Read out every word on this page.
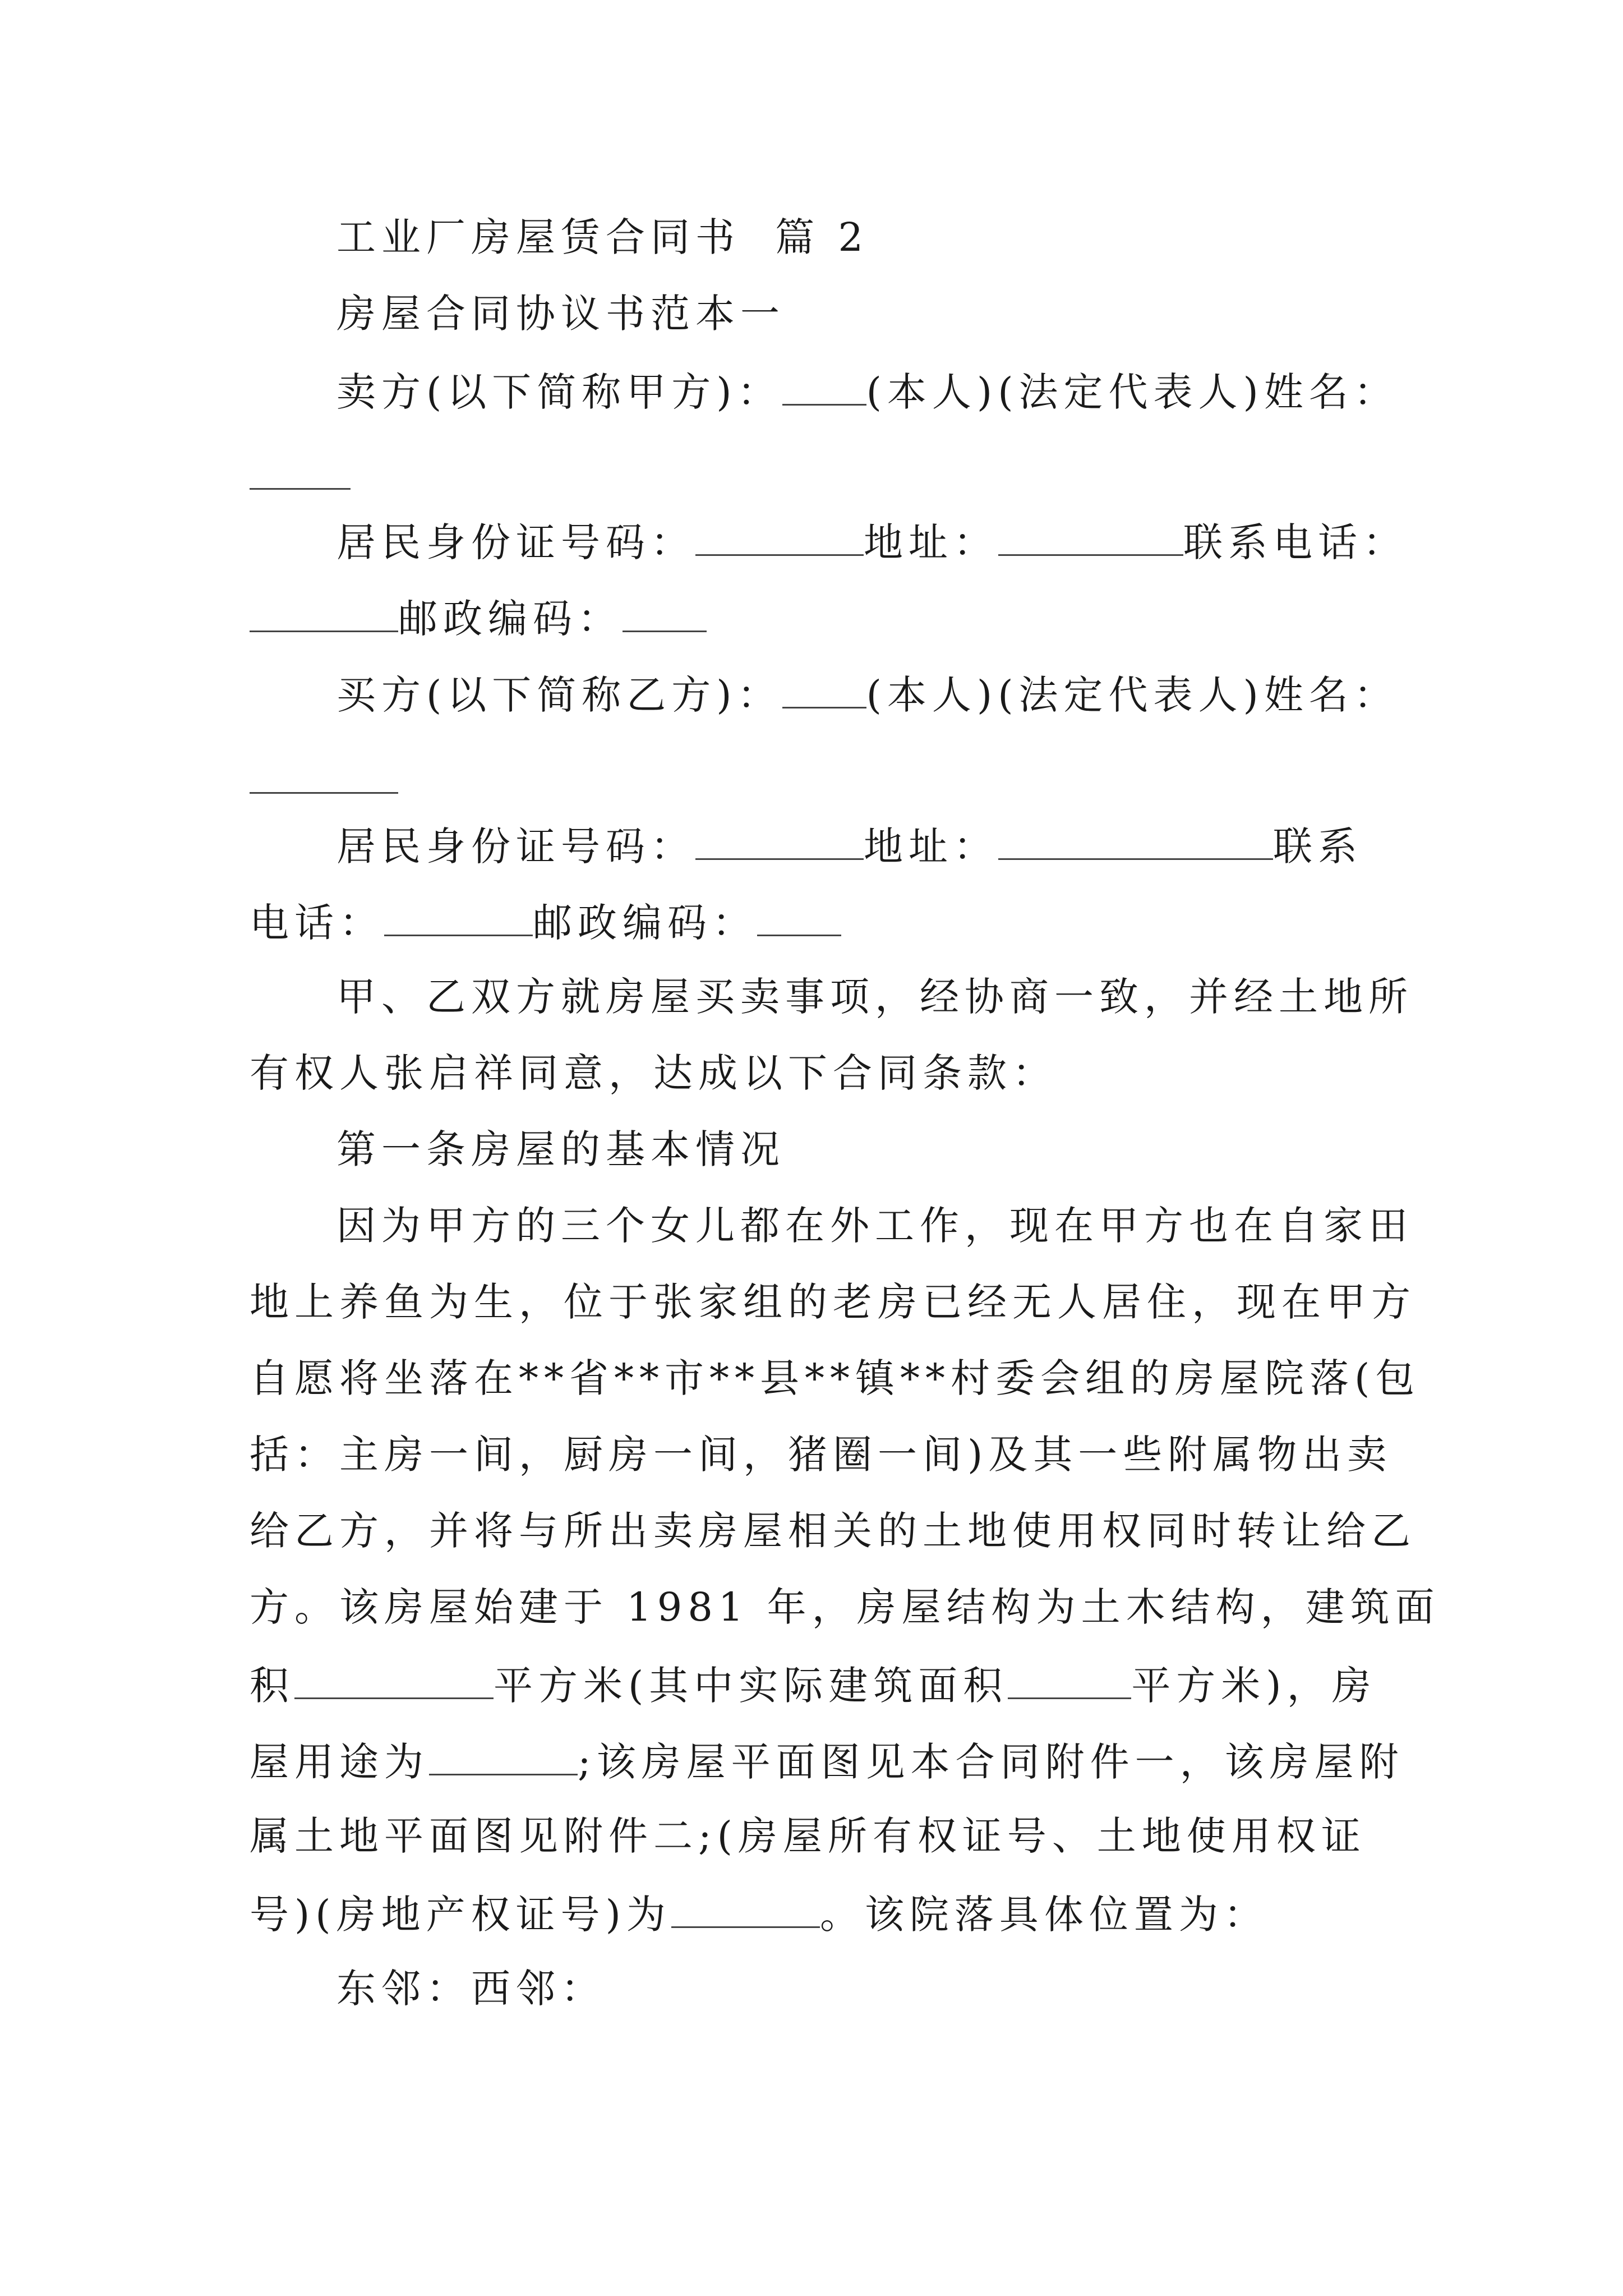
工业厂房屋赁合同书 篇 2
房屋合同协议书范本一
卖方(以下简称甲方)： (本人)(法定代表人)姓名：
居民身份证号码：	地址：	联系电话：
邮政编码：
买方(以下简称乙方)： (本人)(法定代表人)姓名：
居民身份证号码：	地址：	联系
电话：	邮政编码：
甲、乙双方就房屋买卖事项，经协商一致，并经土地所
有权人张启祥同意，达成以下合同条款：
第一条房屋的基本情况
因为甲方的三个女儿都在外工作，现在甲方也在自家田
地上养鱼为生，位于张家组的老房已经无人居住，现在甲方
自愿将坐落在**省**市**县**镇**村委会组的房屋院落(包
括：主房一间，厨房一间，猪圈一间)及其一些附属物出卖
给乙方，并将与所出卖房屋相关的土地使用权同时转让给乙
方。该房屋始建于 1981 年，房屋结构为土木结构，建筑面
积	平方米(其中实际建筑面积	平方米)，房
屋用途为	;该房屋平面图见本合同附件一，该房屋附
属土地平面图见附件二;(房屋所有权证号、土地使用权证
号)(房地产权证号)为	。该院落具体位置为：
东邻：西邻：
